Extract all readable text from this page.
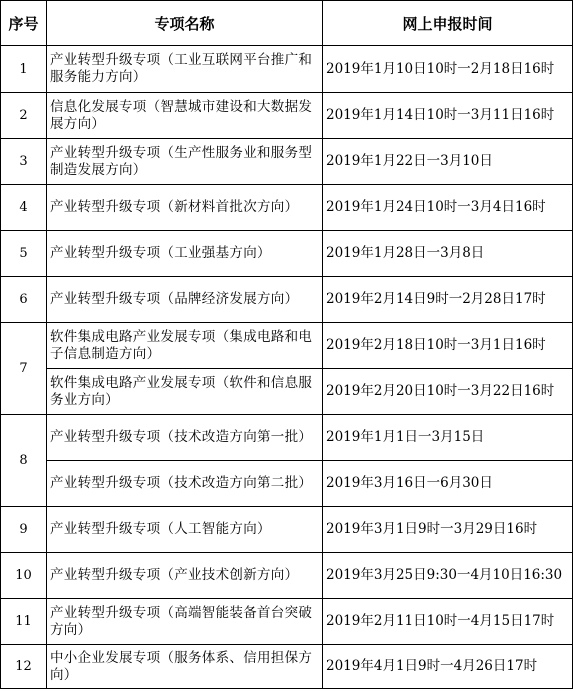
序号	专项名称	网上申报时间
1	产业转型升级专项（工业互联网平台推广和服务能力方向）	2019年1月10日10时一2月18日16时
2	信息化发展专项（智慧城市建设和大数据发展方向）	2019年1月14日10时一3月11日16时
3	产业转型升级专项（生产性服务业和服务型制造发展方向）	2019年1月22日一3月10日
4	产业转型升级专项（新材料首批次方向）	2019年1月24日10时一3月4日16时
5	产业转型升级专项（工业强基方向）	2019年1月28日一3月8日
6	产业转型升级专项（品牌经济发展方向）	2019年2月14日9时一2月28日17时
7	软件集成电路产业发展专项（集成电路和电子信息制造方向）	2019年2月18日10时一3月1日16时
	软件集成电路产业发展专项（软件和信息服务业方向）	2019年2月20日10时一3月22日16时
8	产业转型升级专项（技术改造方向第一批）	2019年1月1日一3月15日
	产业转型升级专项（技术改造方向第二批）	2019年3月16日一6月30日
9	产业转型升级专项（人工智能方向）	2019年3月1日9时一3月29日16时
10	产业转型升级专项（产业技术创新方向）	2019年3月25日9:30一4月10日16:30
11	产业转型升级专项（高端智能装备首台突破方向）	2019年2月11日10时一4月15日17时
12	中小企业发展专项（服务体系、信用担保方向）	2019年4月1日9时一4月26日17时
